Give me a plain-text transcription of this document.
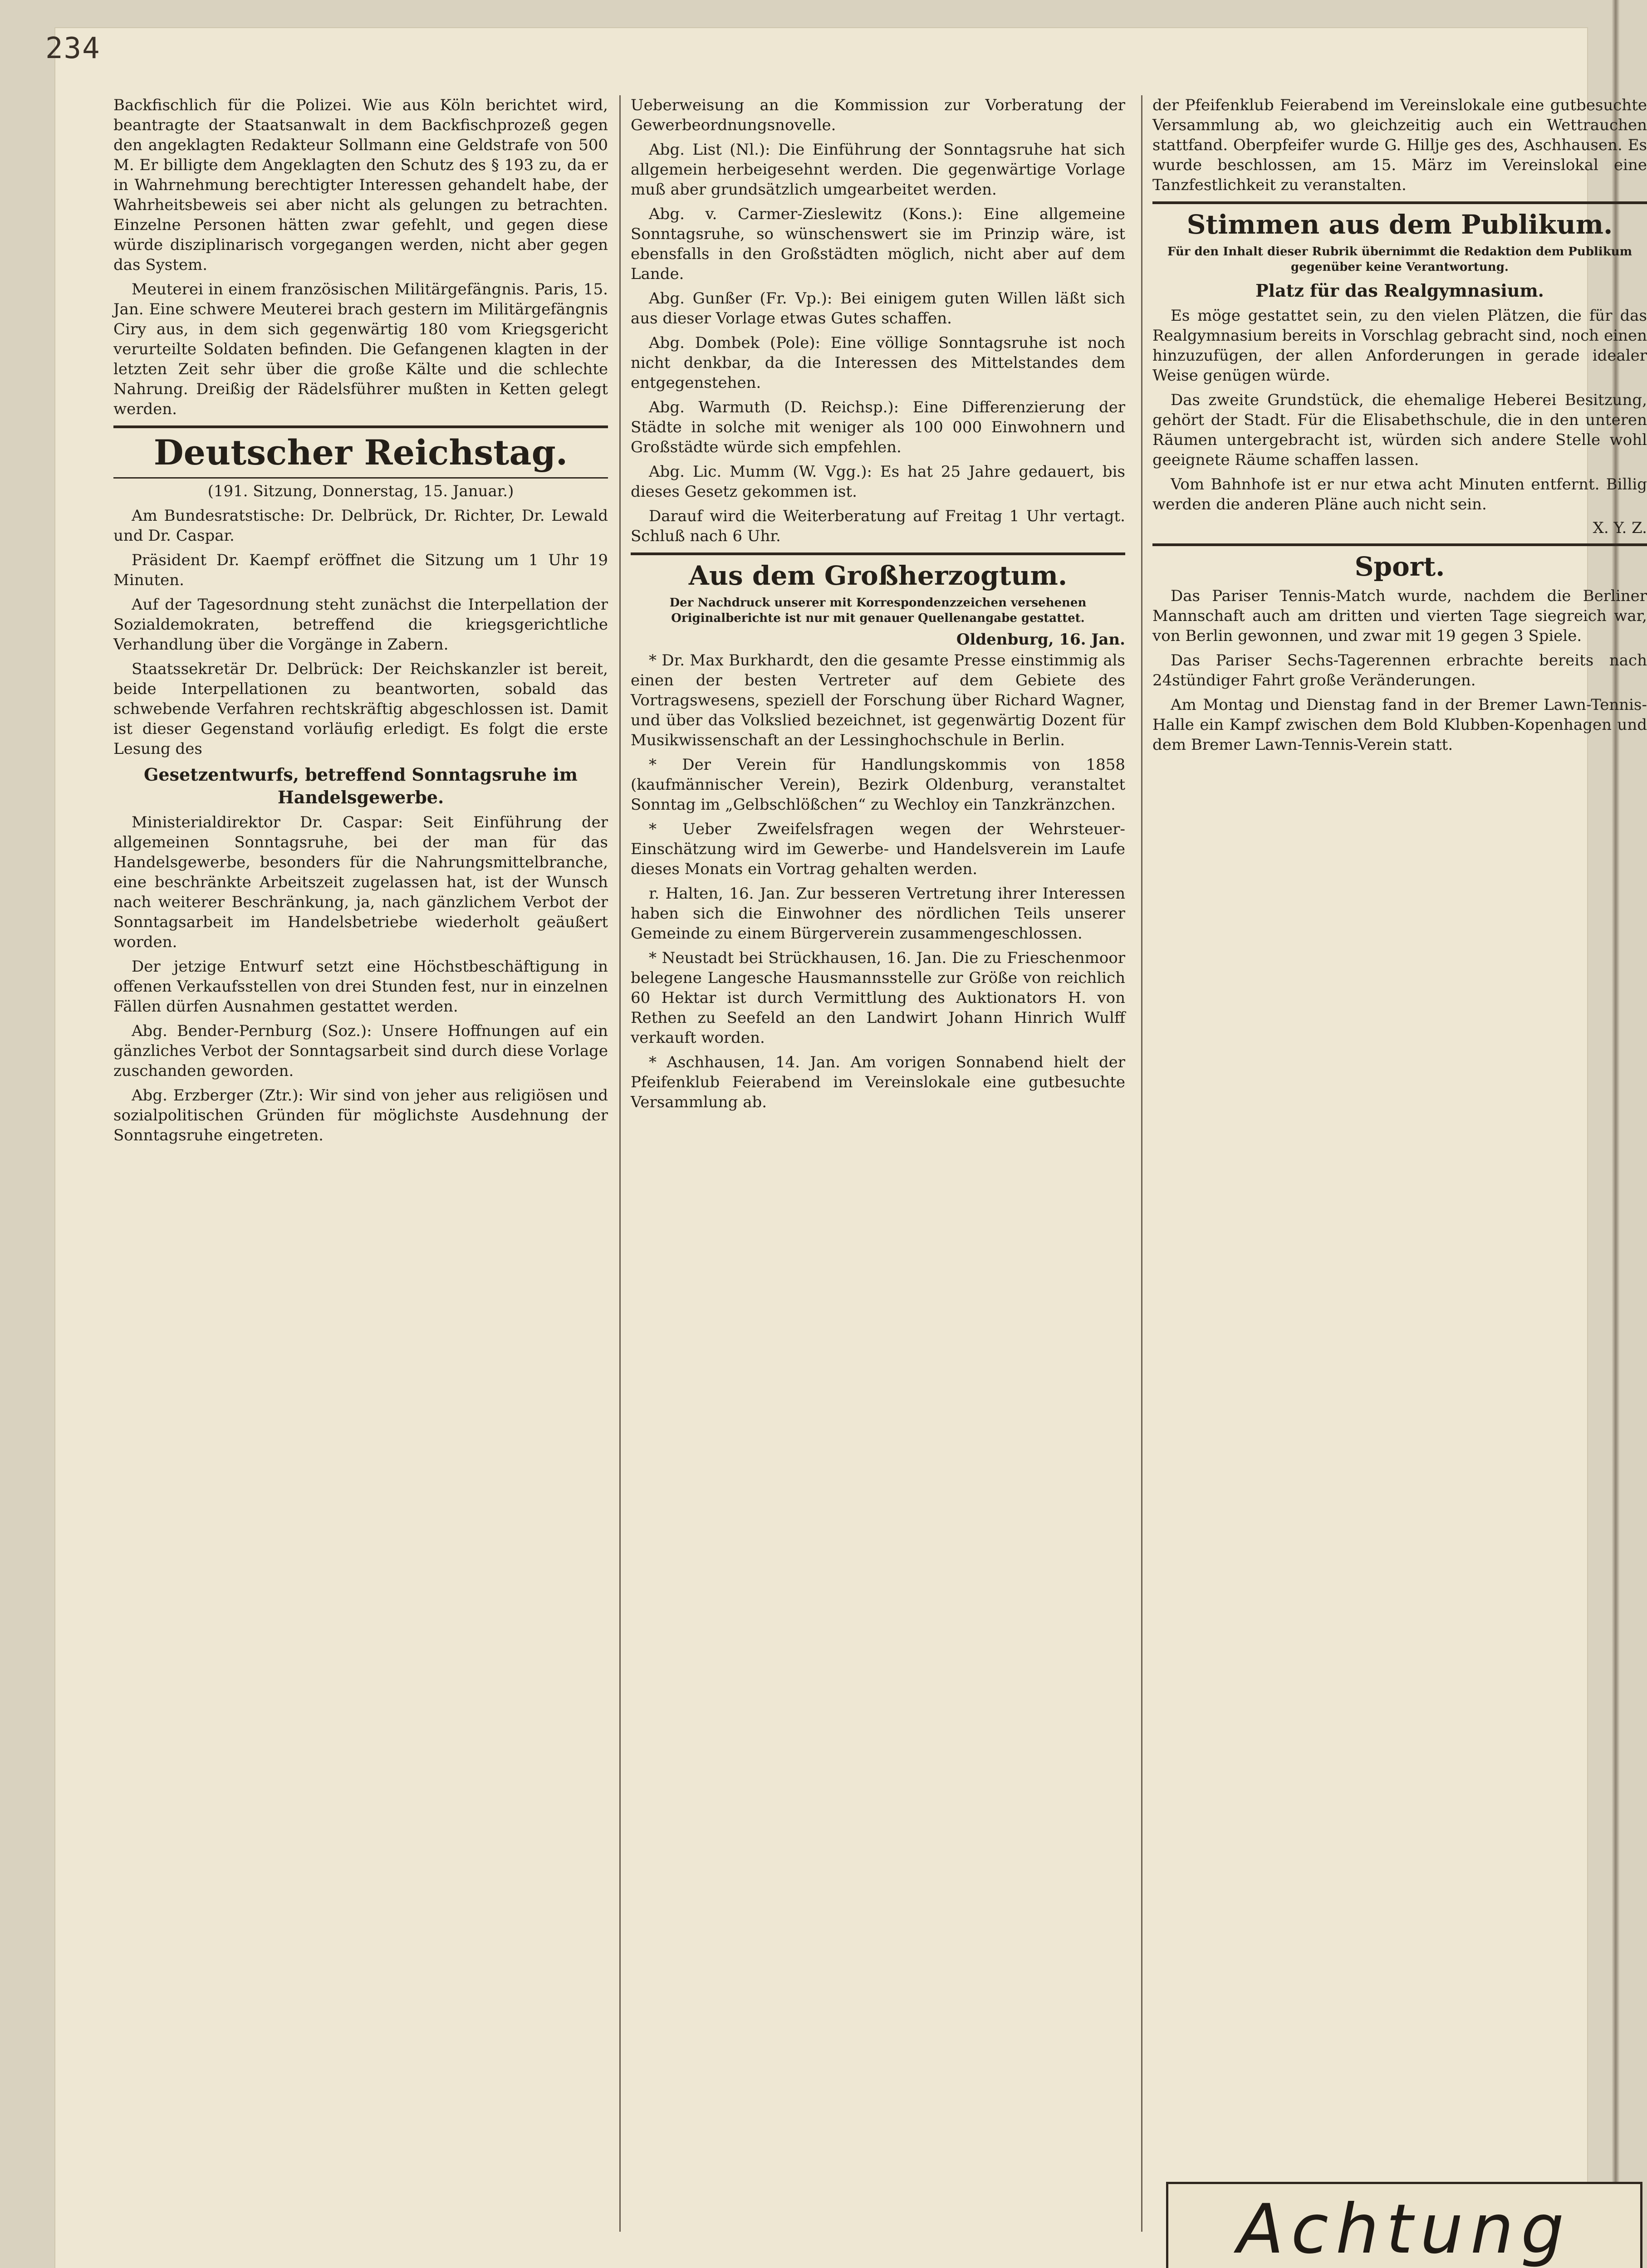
234

Backfischlich für die Polizei. Wie aus Köln berichtet wird, beantragte der Staatsanwalt in dem Backfischprozeß gegen den angeklagten Redakteur Sollmann eine Geldstrafe von 500 M. Er billigte dem Angeklagten den Schutz des § 193 zu, da er in Wahrnehmung berechtigter Interessen gehandelt habe, der Wahrheitsbeweis sei aber nicht als gelungen zu betrachten. Einzelne Personen hätten zwar gefehlt, und gegen diese würde disziplinarisch vorgegangen werden, nicht aber gegen das System.

Meuterei in einem französischen Militärgefängnis. Paris, 15. Jan. Eine schwere Meuterei brach gestern im Militärgefängnis Ciry aus, in dem sich gegenwärtig 180 vom Kriegsgericht verurteilte Soldaten befinden. Die Gefangenen klagten in der letzten Zeit sehr über die große Kälte und die schlechte Nahrung. Dreißig der Rädelsführer mußten in Ketten gelegt werden.

Deutscher Reichstag.
(191. Sitzung, Donnerstag, 15. Januar.)

Am Bundesratstische: Dr. Delbrück, Dr. Richter, Dr. Lewald und Dr. Caspar.

Präsident Dr. Kaempf eröffnet die Sitzung um 1 Uhr 19 Minuten.

Auf der Tagesordnung steht zunächst die Interpellation der Sozialdemokraten, betreffend die kriegsgerichtliche Verhandlung über die Vorgänge in Zabern.

Staatssekretär Dr. Delbrück: Der Reichskanzler ist bereit, beide Interpellationen zu beantworten, sobald das schwebende Verfahren rechtskräftig abgeschlossen ist. Damit ist dieser Gegenstand vorläufig erledigt. Es folgt die erste Lesung des

Gesetzentwurfs, betreffend Sonntagsruhe im Handelsgewerbe.

Ministerialdirektor Dr. Caspar: Seit Einführung der allgemeinen Sonntagsruhe, bei der man für das Handelsgewerbe, besonders für die Nahrungsmittelbranche, eine beschränkte Arbeitszeit zugelassen hat, ist der Wunsch nach weiterer Beschränkung, ja, nach gänzlichem Verbot der Sonntagsarbeit im Handelsbetriebe wiederholt geäußert worden.

Der jetzige Entwurf setzt eine Höchstbeschäftigung in offenen Verkaufsstellen von drei Stunden fest, nur in einzelnen Fällen dürfen Ausnahmen gestattet werden.

Abg. Bender-Pernburg (Soz.): Unsere Hoffnungen auf ein gänzliches Verbot der Sonntagsarbeit sind durch diese Vorlage zuschanden geworden.

Abg. Erzberger (Ztr.): Wir sind von jeher aus religiösen und sozialpolitischen Gründen für möglichste Ausdehnung der Sonntagsruhe eingetreten.

Ueberweisung an die Kommission zur Vorberatung der Gewerbeordnungsnovelle.

Abg. List (Nl.): Die Einführung der Sonntagsruhe hat sich allgemein herbeigesehnt werden. Die gegenwärtige Vorlage muß aber grundsätzlich umgearbeitet werden.

Abg. v. Carmer-Zieslewitz (Kons.): Eine allgemeine Sonntagsruhe, so wünschenswert sie im Prinzip wäre, ist ebensfalls in den Großstädten möglich, nicht aber auf dem Lande.

Abg. Gunßer (Fr. Vp.): Bei einigem guten Willen läßt sich aus dieser Vorlage etwas Gutes schaffen.

Abg. Dombek (Pole): Eine völlige Sonntagsruhe ist noch nicht denkbar, da die Interessen des Mittelstandes dem entgegenstehen.

Abg. Warmuth (D. Reichsp.): Eine Differenzierung der Städte in solche mit weniger als 100 000 Einwohnern und Großstädte würde sich empfehlen.

Abg. Lic. Mumm (W. Vgg.): Es hat 25 Jahre gedauert, bis dieses Gesetz gekommen ist.

Darauf wird die Weiterberatung auf Freitag 1 Uhr vertagt. Schluß nach 6 Uhr.

Aus dem Großherzogtum.
Der Nachdruck unserer mit Korrespondenzzeichen versehenen Originalberichte ist nur mit genauer Quellenangabe gestattet.
Oldenburg, 16. Jan.

* Dr. Max Burkhardt, den die gesamte Presse einstimmig als einen der besten Vertreter auf dem Gebiete des Vortragswesens, speziell der Forschung über Richard Wagner, und über das Volkslied bezeichnet, ist gegenwärtig Dozent für Musikwissenschaft an der Lessinghochschule in Berlin.

* Der Verein für Handlungskommis von 1858 (kaufmännischer Verein), Bezirk Oldenburg, veranstaltet Sonntag im „Gelbschlößchen“ zu Wechloy ein Tanzkränzchen.

* Ueber Zweifelsfragen wegen der Wehrsteuer-Einschätzung wird im Gewerbe- und Handelsverein im Laufe dieses Monats ein Vortrag gehalten werden.

r. Halten, 16. Jan. Zur besseren Vertretung ihrer Interessen haben sich die Einwohner des nördlichen Teils unserer Gemeinde zu einem Bürgerverein zusammengeschlossen.

* Neustadt bei Strückhausen, 16. Jan. Die zu Frieschenmoor belegene Langesche Hausmannsstelle zur Größe von reichlich 60 Hektar ist durch Vermittlung des Auktionators H. von Rethen zu Seefeld an den Landwirt Johann Hinrich Wulff verkauft worden.

* Aschhausen, 14. Jan. Am vorigen Sonnabend hielt der Pfeifenklub Feierabend im Vereinslokale eine gutbesuchte Versammlung ab.

der Pfeifenklub Feierabend im Vereinslokale eine gutbesuchte Versammlung ab, wo gleichzeitig auch ein Wettrauchen stattfand. Oberpfeifer wurde G. Hillje ges des, Aschhausen. Es wurde beschlossen, am 15. März im Vereinslokal eine Tanzfestlichkeit zu veranstalten.

Stimmen aus dem Publikum.
Für den Inhalt dieser Rubrik übernimmt die Redaktion dem Publikum gegenüber keine Verantwortung.
Platz für das Realgymnasium.

Es möge gestattet sein, zu den vielen Plätzen, die für das Realgymnasium bereits in Vorschlag gebracht sind, noch einen hinzuzufügen, der allen Anforderungen in gerade idealer Weise genügen würde.

Das zweite Grundstück, die ehemalige Heberei Besitzung, gehört der Stadt. Für die Elisabethschule, die in den unteren Räumen untergebracht ist, würden sich andere Stelle wohl geeignete Räume schaffen lassen.

Vom Bahnhofe ist er nur etwa acht Minuten entfernt. Billig werden die anderen Pläne auch nicht sein.

X. Y. Z.
Sport.

Das Pariser Tennis-Match wurde, nachdem die Berliner Mannschaft auch am dritten und vierten Tage siegreich war, von Berlin gewonnen, und zwar mit 19 gegen 3 Spiele.

Das Pariser Sechs-Tagerennen erbrachte bereits nach 24stündiger Fahrt große Veränderungen.

Am Montag und Dienstag fand in der Bremer Lawn-Tennis-Halle ein Kampf zwischen dem Bold Klubben-Kopenhagen und dem Bremer Lawn-Tennis-Verein statt.

Achtung
